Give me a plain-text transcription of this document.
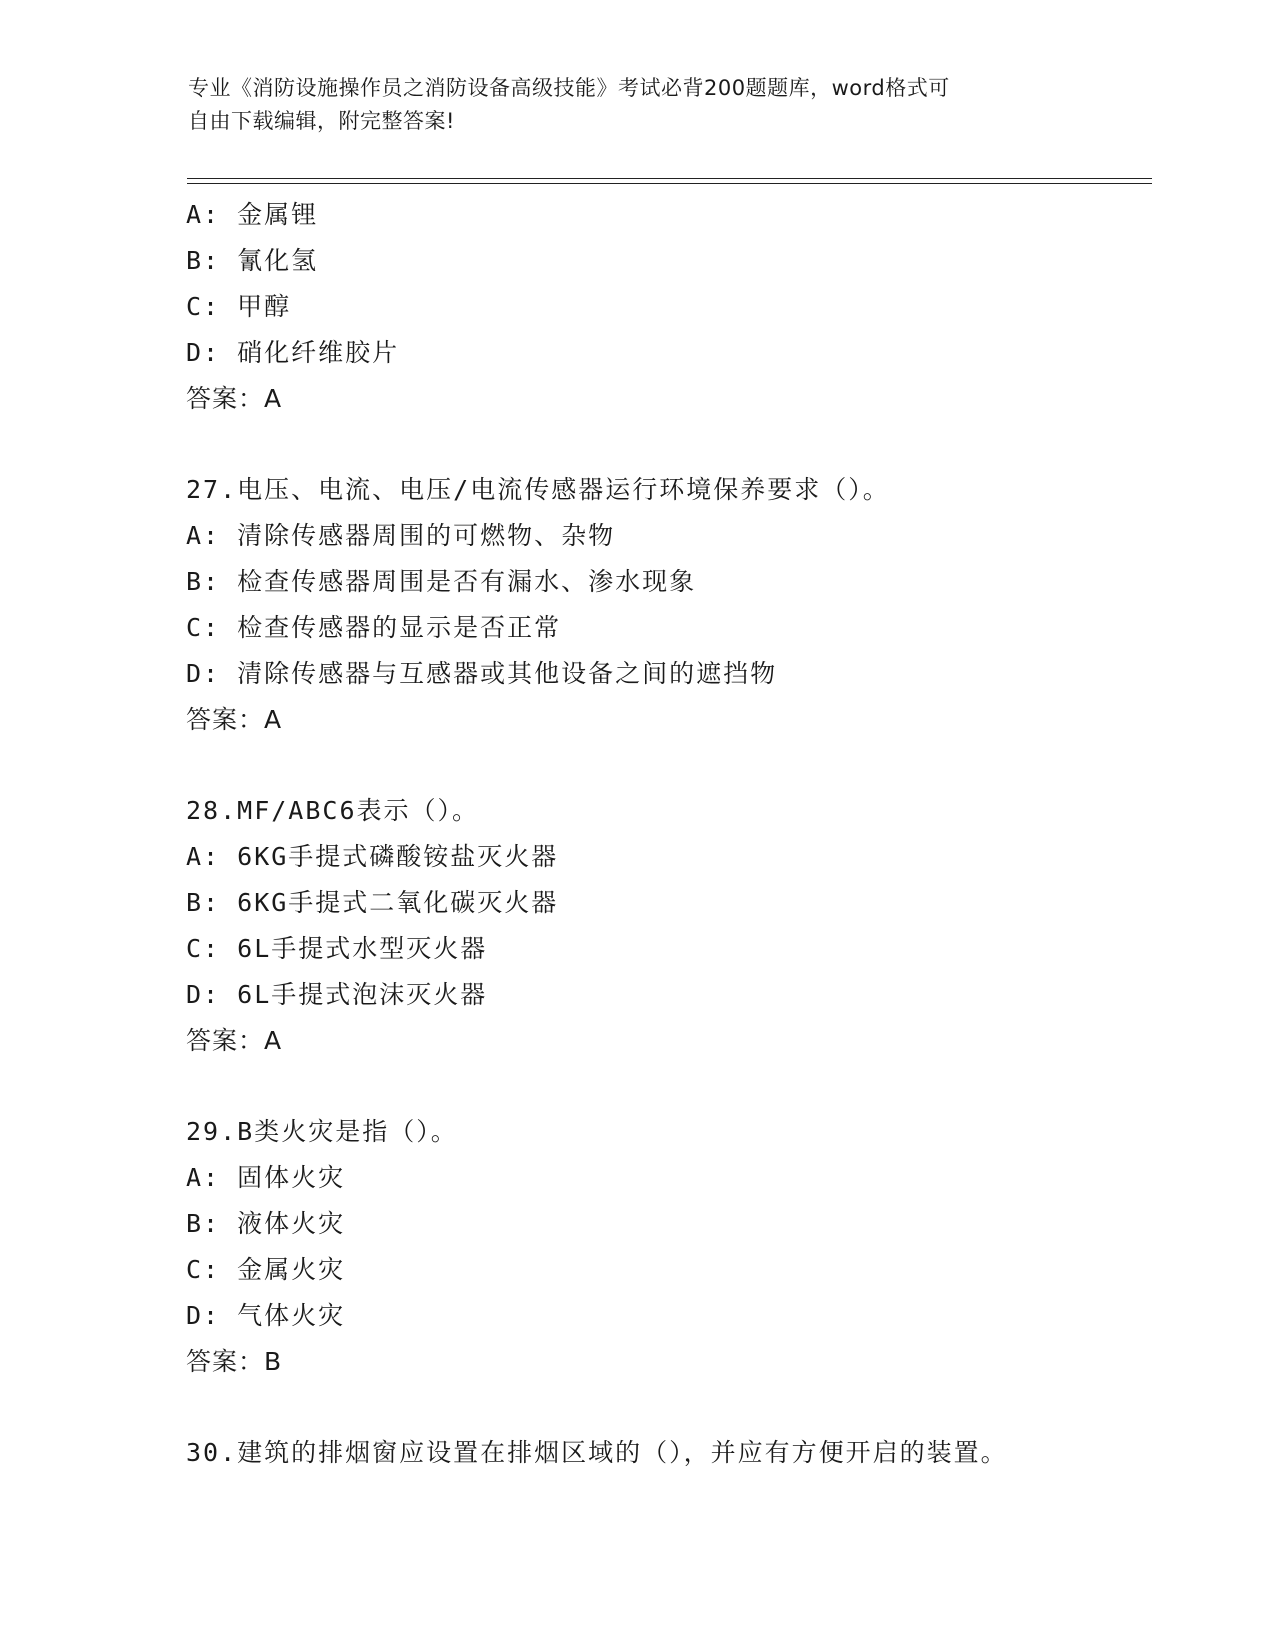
专业《消防设施操作员之消防设备高级技能》考试必背200题题库，word格式可
自由下载编辑，附完整答案!
A: 金属锂
B: 氰化氢
C: 甲醇
D: 硝化纤维胶片
答案：A
27.电压、电流、电压/电流传感器运行环境保养要求（）。
A: 清除传感器周围的可燃物、杂物
B: 检查传感器周围是否有漏水、渗水现象
C: 检查传感器的显示是否正常
D: 清除传感器与互感器或其他设备之间的遮挡物
答案：A
28.MF/ABC6表示（）。
A: 6KG手提式磷酸铵盐灭火器
B: 6KG手提式二氧化碳灭火器
C: 6L手提式水型灭火器
D: 6L手提式泡沫灭火器
答案：A
29.B类火灾是指（）。
A: 固体火灾
B: 液体火灾
C: 金属火灾
D: 气体火灾
答案：B
30.建筑的排烟窗应设置在排烟区域的（），并应有方便开启的装置。
